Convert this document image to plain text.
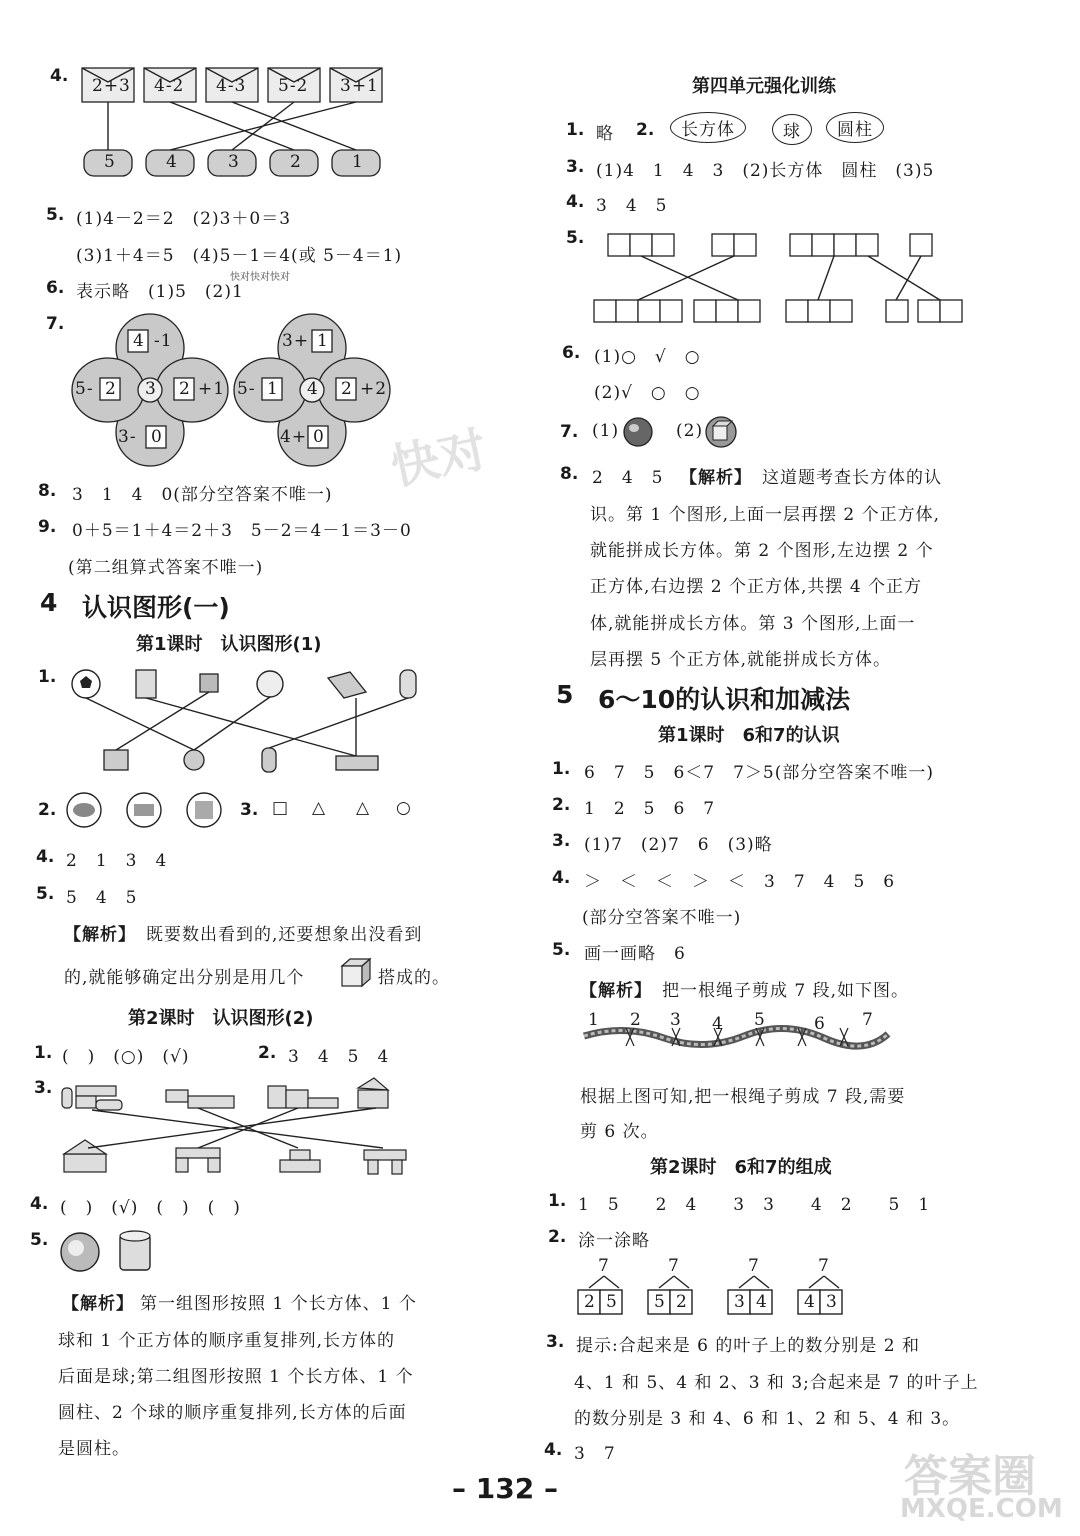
4. 2+3 4-2 4-3 5-2 3+1
5	4	3	2	1
5. (1)4－2＝2　(2)3＋0＝3
(3)1＋4＝5　(4)5－1＝4(或 5－4＝1)
6. 表示略　(1)5　(2)1
7.
4 -1
5- 2 3 2 +1
3- 0
3+ 1
5- 1 4 2 +2
4+ 0
8. 3　1　4　0(部分空答案不唯一)
9. 0＋5＝1＋4＝2＋3　5－2＝4－1＝3－0
(第二组算式答案不唯一)
4 认识图形(一)
第1课时　认识图形(1)
1.
2.	3. □ △ △ ○
4. 2　1　3　4
5. 5　4　5
【解析】 既要数出看到的,还要想象出没看到
的,就能够确定出分别是用几个	搭成的。
第2课时　认识图形(2)
1. (　)　(○)　(√)	2. 3　4　5　4
3.
4. (　)　(√)　(　)　(　)
5.
【解析】 第一组图形按照 1 个长方体、1 个
球和 1 个正方体的顺序重复排列,长方体的
后面是球;第二组图形按照 1 个长方体、1 个
圆柱、2 个球的顺序重复排列,长方体的后面
是圆柱。
第四单元强化训练
1. 略 2.	长方体	球	圆柱
3. (1)4　1　4　3　(2)长方体　圆柱　(3)5
4. 3　4　5
5.
6. (1)○　√　○
(2)√　○　○
7. (1)	(2)
8. 2　4　5　
【解析】 这道题考查长方体的认
识。第 1 个图形,上面一层再摆 2 个正方体,
就能拼成长方体。第 2 个图形,左边摆 2 个
正方体,右边摆 2 个正方体,共摆 4 个正方
体,就能拼成长方体。第 3 个图形,上面一
层再摆 5 个正方体,就能拼成长方体。
5 6～10的认识和加减法
第1课时　6和7的认识
1. 6　7　5　6＜7　7＞5(部分空答案不唯一)
2. 1　2　5　6　7
3. (1)7　(2)7　6　(3)略
4. ＞　＜　＜　＞　＜　3　7　4　5　6
(部分空答案不唯一)
5. 画一画略　6
【解析】 把一根绳子剪成 7 段,如下图。
1 2 3 4 5	6 7
根据上图可知,把一根绳子剪成 7 段,需要
剪 6 次。
第2课时　6和7的组成
1. 1　5　　2　4　　3　3　　4　2　　5　1
2. 涂一涂略
7
2 5
7
5 2
7
3 4
7
4 3
3. 提示:合起来是 6 的叶子上的数分别是 2 和
4、1 和 5、4 和 2、3 和 3;合起来是 7 的叶子上
的数分别是 3 和 4、6 和 1、2 和 5、4 和 3。
4. 3　7
– 132 –
快对
快对快对快对
答案圈
MXQE.COM
